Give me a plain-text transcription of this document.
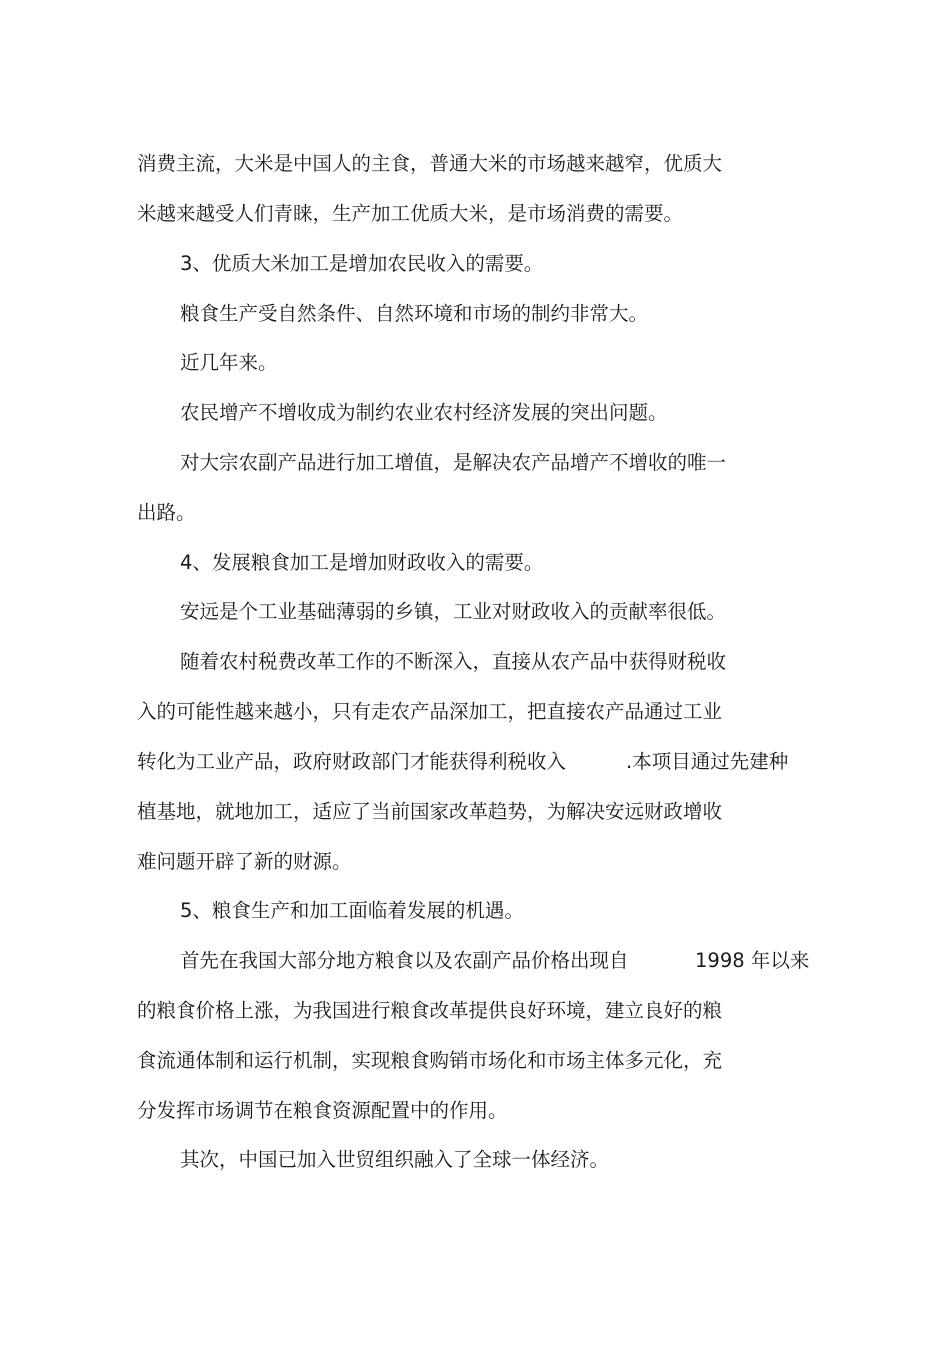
消费主流，大米是中国人的主食，普通大米的市场越来越窄，优质大
米越来越受人们青睐，生产加工优质大米，是市场消费的需要。
3、优质大米加工是增加农民收入的需要。
粮食生产受自然条件、自然环境和市场的制约非常大。
近几年来。
农民增产不增收成为制约农业农村经济发展的突出问题。
对大宗农副产品进行加工增值，是解决农产品增产不增收的唯一
出路。
4、发展粮食加工是增加财政收入的需要。
安远是个工业基础薄弱的乡镇，工业对财政收入的贡献率很低。
随着农村税费改革工作的不断深入，直接从农产品中获得财税收
入的可能性越来越小，只有走农产品深加工，把直接农产品通过工业
转化为工业产品，政府财政部门才能获得利税收入	.本项目通过先建种
植基地，就地加工，适应了当前国家改革趋势，为解决安远财政增收
难问题开辟了新的财源。
5、粮食生产和加工面临着发展的机遇。
首先在我国大部分地方粮食以及农副产品价格出现自	1998 年以来
的粮食价格上涨，为我国进行粮食改革提供良好环境，建立良好的粮
食流通体制和运行机制，实现粮食购销市场化和市场主体多元化，充
分发挥市场调节在粮食资源配置中的作用。
其次，中国已加入世贸组织融入了全球一体经济。
